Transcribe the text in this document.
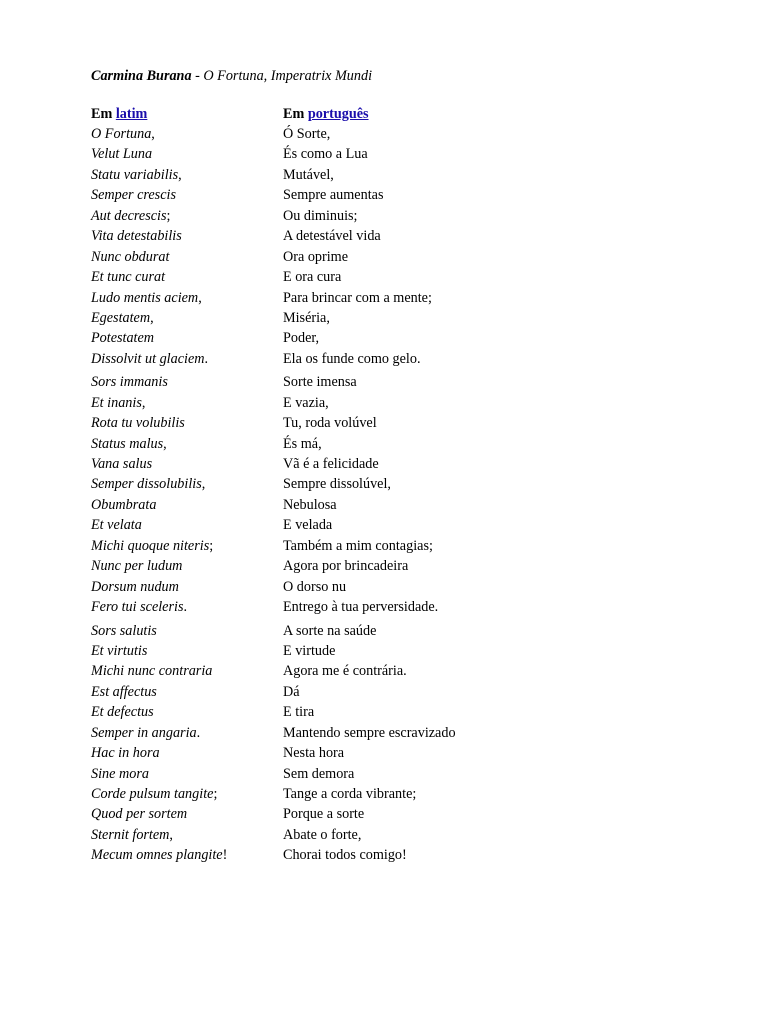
Carmina Burana - O Fortuna, Imperatrix Mundi
Em latim	Em português
O Fortuna,	Ó Sorte,
Velut Luna	És como a Lua
Statu variabilis,	Mutável,
Semper crescis	Sempre aumentas
Aut decrescis;	Ou diminuis;
Vita detestabilis	A detestável vida
Nunc obdurat	Ora oprime
Et tunc curat	E ora cura
Ludo mentis aciem,	Para brincar com a mente;
Egestatem,	Miséria,
Potestatem	Poder,
Dissolvit ut glaciem.	Ela os funde como gelo.
Sors immanis	Sorte imensa
Et inanis,	E vazia,
Rota tu volubilis	Tu, roda volúvel
Status malus,	És má,
Vana salus	Vã é a felicidade
Semper dissolubilis,	Sempre dissolúvel,
Obumbrata	Nebulosa
Et velata	E velada
Michi quoque niteris;	Também a mim contagias;
Nunc per ludum	Agora por brincadeira
Dorsum nudum	O dorso nu
Fero tui sceleris.	Entrego à tua perversidade.
Sors salutis	A sorte na saúde
Et virtutis	E virtude
Michi nunc contraria	Agora me é contrária.
Est affectus	Dá
Et defectus	E tira
Semper in angaria.	Mantendo sempre escravizado
Hac in hora	Nesta hora
Sine mora	Sem demora
Corde pulsum tangite;	Tange a corda vibrante;
Quod per sortem	Porque a sorte
Sternit fortem,	Abate o forte,
Mecum omnes plangite!	Chorai todos comigo!
